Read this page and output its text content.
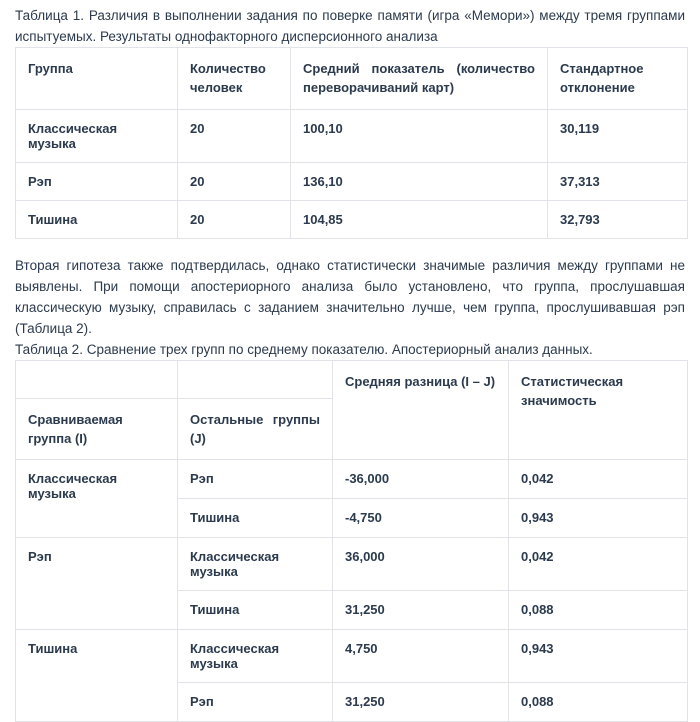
Таблица 1. Различия в выполнении задания по поверке памяти (игра «Мемори») между тремя группами испытуемых. Результаты однофакторного дисперсионного анализа

Группа	Количество человек	Средний показатель (количество переворачиваний карт)	Стандартное отклонение
Классическая музыка	20	100,10	30,119
Рэп	20	136,10	37,313
Тишина	20	104,85	32,793

Вторая гипотеза также подтвердилась, однако статистически значимые различия между группами не выявлены. При помощи апостериорного анализа было установлено, что группа, прослушавшая классическую музыку, справилась с заданием значительно лучше, чем группа, прослушивавшая рэп (Таблица 2).

Таблица 2. Сравнение трех групп по среднему показателю. Апостериорный анализ данных.

		Средняя разница (I – J)	Статистическая значимость
Сравниваемая группа (I)	Остальные группы (J)		
Классическая музыка	Рэп	-36,000	0,042
	Тишина	-4,750	0,943
Рэп	Классическая музыка	36,000	0,042
	Тишина	31,250	0,088
Тишина	Классическая музыка	4,750	0,943
	Рэп	31,250	0,088
